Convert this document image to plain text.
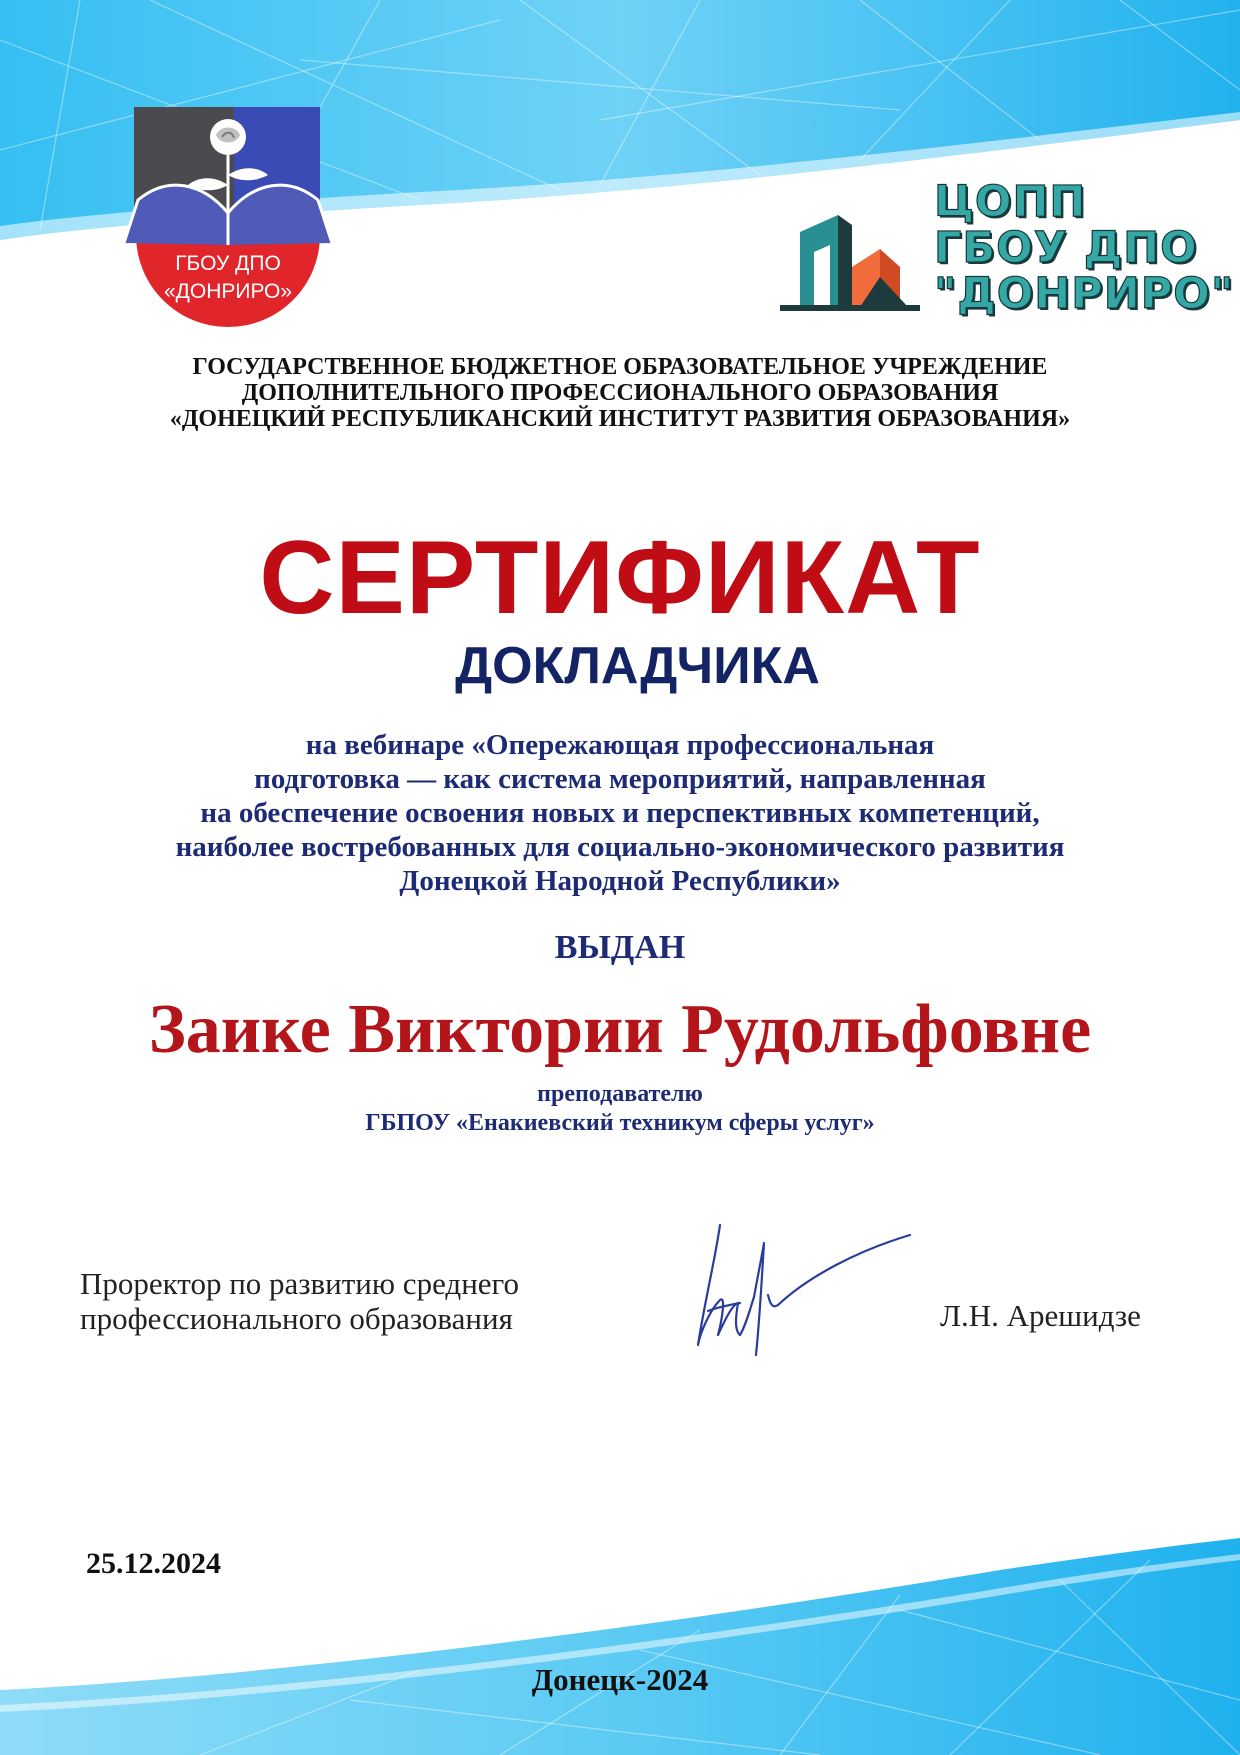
ГБОУ ДПО
«ДОНРИРО»
ЦОПП
ГБОУ ДПО
"ДОНРИРО"
ГОСУДАРСТВЕННОЕ БЮДЖЕТНОЕ ОБРАЗОВАТЕЛЬНОЕ УЧРЕЖДЕНИЕ
ДОПОЛНИТЕЛЬНОГО ПРОФЕССИОНАЛЬНОГО ОБРАЗОВАНИЯ
«ДОНЕЦКИЙ РЕСПУБЛИКАНСКИЙ ИНСТИТУТ РАЗВИТИЯ ОБРАЗОВАНИЯ»
СЕРТИФИКАТ
ДОКЛАДЧИКА
на вебинаре «Опережающая профессиональная
подготовка — как система мероприятий, направленная
на обеспечение освоения новых и перспективных компетенций,
наиболее востребованных для социально-экономического развития
Донецкой Народной Республики»
ВЫДАН
Заике Виктории Рудольфовне
преподавателю
ГБПОУ «Енакиевский техникум сферы услуг»
Проректор по развитию среднего
профессионального образования	Л.Н. Арешидзе
25.12.2024
Донецк-2024
